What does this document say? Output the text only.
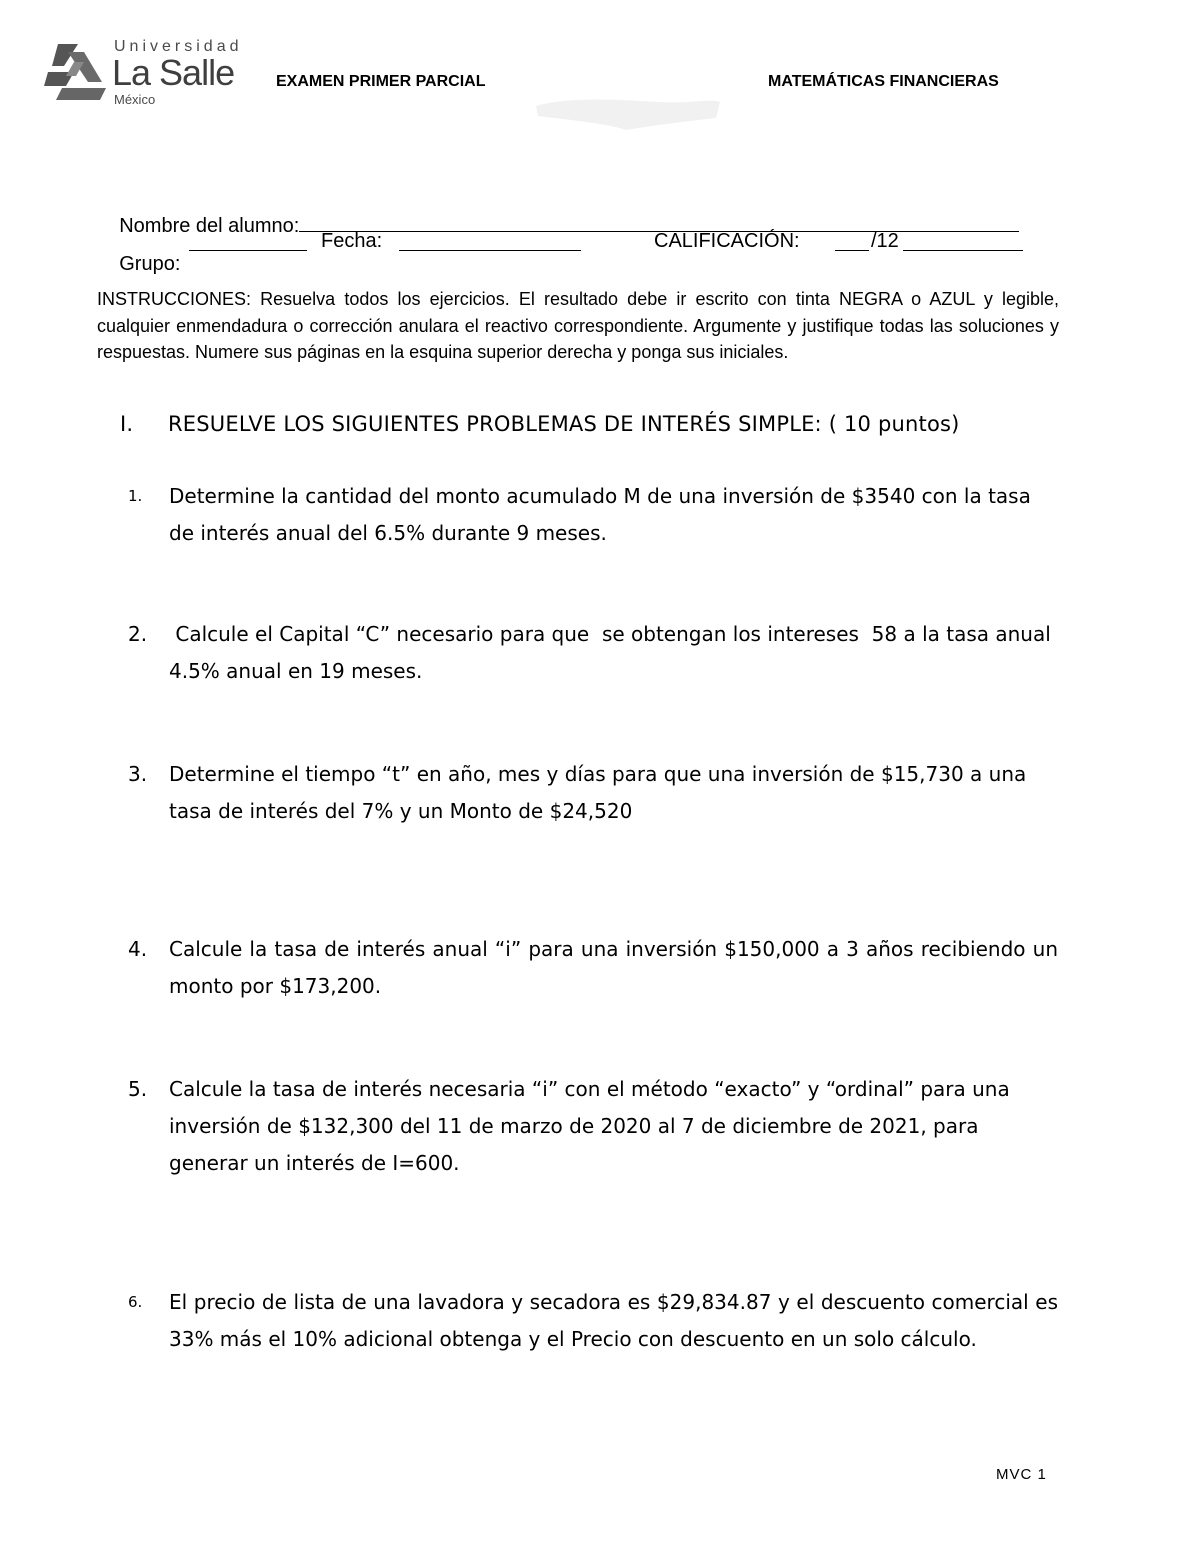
Universidad
La Salle
México
EXAMEN PRIMER PARCIAL	MATEMÁTICAS FINANCIERAS

Nombre del alumno:

Grupo:

Fecha:

	CALIFICACIÓN:

	/12

INSTRUCCIONES: Resuelva todos los ejercicios. El resultado debe ir escrito con tinta NEGRA o AZUL y legible, cualquier enmendadura o corrección anulara el reactivo correspondiente. Argumente y justifique todas las soluciones y respuestas. Numere sus páginas en la esquina superior derecha y ponga sus iniciales.
I. RESUELVE LOS SIGUIENTES PROBLEMAS DE INTERÉS SIMPLE: ( 10 puntos)
1.	Determine la cantidad del monto acumulado M de una inversión de $3540 con la tasa de interés anual del 6.5% durante 9 meses.
2.	Calcule el Capital “C” necesario para que  se obtengan los intereses  58 a la tasa anual  4.5% anual en 19 meses.
3.	Determine el tiempo “t” en año, mes y días para que una inversión de $15,730 a una tasa de interés del 7% y un Monto de $24,520
4.	Calcule la tasa de interés anual “i” para una inversión $150,000 a 3 años recibiendo un monto por $173,200.
5.	Calcule la tasa de interés necesaria “i” con el método “exacto” y “ordinal” para una inversión de $132,300 del 11 de marzo de 2020 al 7 de diciembre de 2021, para generar un interés de I=600.
6.	El precio de lista de una lavadora y secadora es $29,834.87 y el descuento comercial es 33% más el 10% adicional obtenga y el Precio con descuento en un solo cálculo.
MVC 1
